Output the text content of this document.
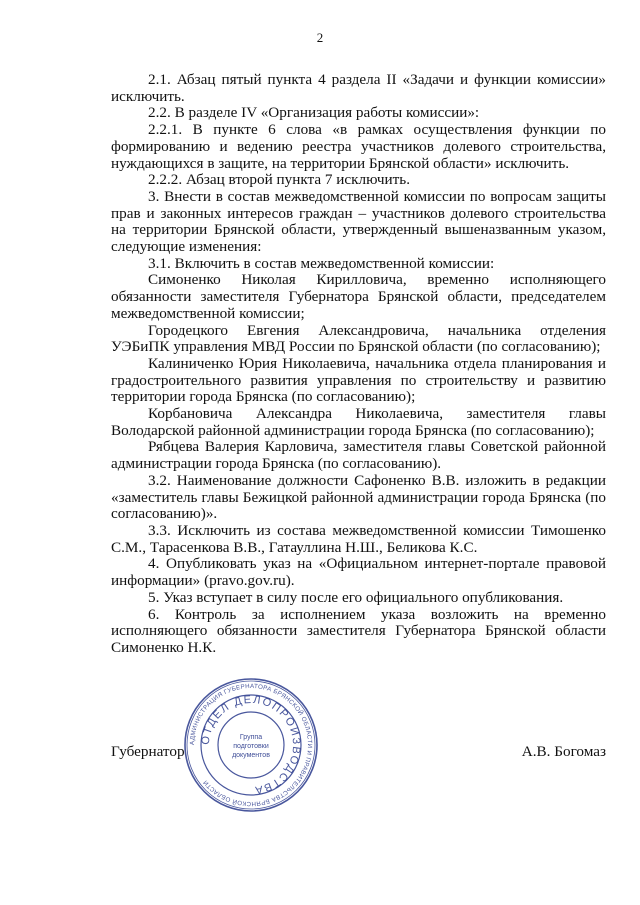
2

2.1. Абзац пятый пункта 4 раздела II «Задачи и функции комиссии» исключить.

2.2. В разделе IV «Организация работы комиссии»:

2.2.1. В пункте 6 слова «в рамках осуществления функции по формированию и ведению реестра участников долевого строительства, нуждающихся в защите, на территории Брянской области» исключить.

2.2.2. Абзац второй пункта 7 исключить.

3. Внести в состав межведомственной комиссии по вопросам защиты прав и законных интересов граждан – участников долевого строительства на территории Брянской области, утвержденный вышеназванным указом, следующие изменения:

3.1. Включить в состав межведомственной комиссии:

Симоненко Николая Кирилловича, временно исполняющего обязанности заместителя Губернатора Брянской области, председателем межведомственной комиссии;

Городецкого Евгения Александровича, начальника отделения УЭБиПК управления МВД России по Брянской области (по согласованию);

Калиниченко Юрия Николаевича, начальника отдела планирования и градостроительного развития управления по строительству и развитию территории города Брянска (по согласованию);

Корбановича Александра Николаевича, заместителя главы Володарской районной администрации города Брянска (по согласованию);

Рябцева Валерия Карловича, заместителя главы Советской районной администрации города Брянска (по согласованию).

3.2. Наименование должности Сафоненко В.В. изложить в редакции «заместитель главы Бежицкой районной администрации города Брянска (по согласованию)».

3.3. Исключить из состава межведомственной комиссии Тимошенко С.М., Тарасенкова В.В., Гатауллина Н.Ш., Беликова К.С.

4. Опубликовать указ на «Официальном интернет-портале правовой информации» (pravo.gov.ru).

5. Указ вступает в силу после его официального опубликования.

6. Контроль за исполнением указа возложить на временно исполняющего обязанности заместителя Губернатора Брянской области Симоненко Н.К.

АДМИНИСТРАЦИЯ ГУБЕРНАТОРА БРЯНСКОЙ ОБЛАСТИ И ПРАВИТЕЛЬСТВА БРЯНСКОЙ ОБЛАСТИ
ОТДЕЛ ДЕЛОПРОИЗВОДСТВА
Группа
подготовки
документов
Губернатор	А.В. Богомаз
